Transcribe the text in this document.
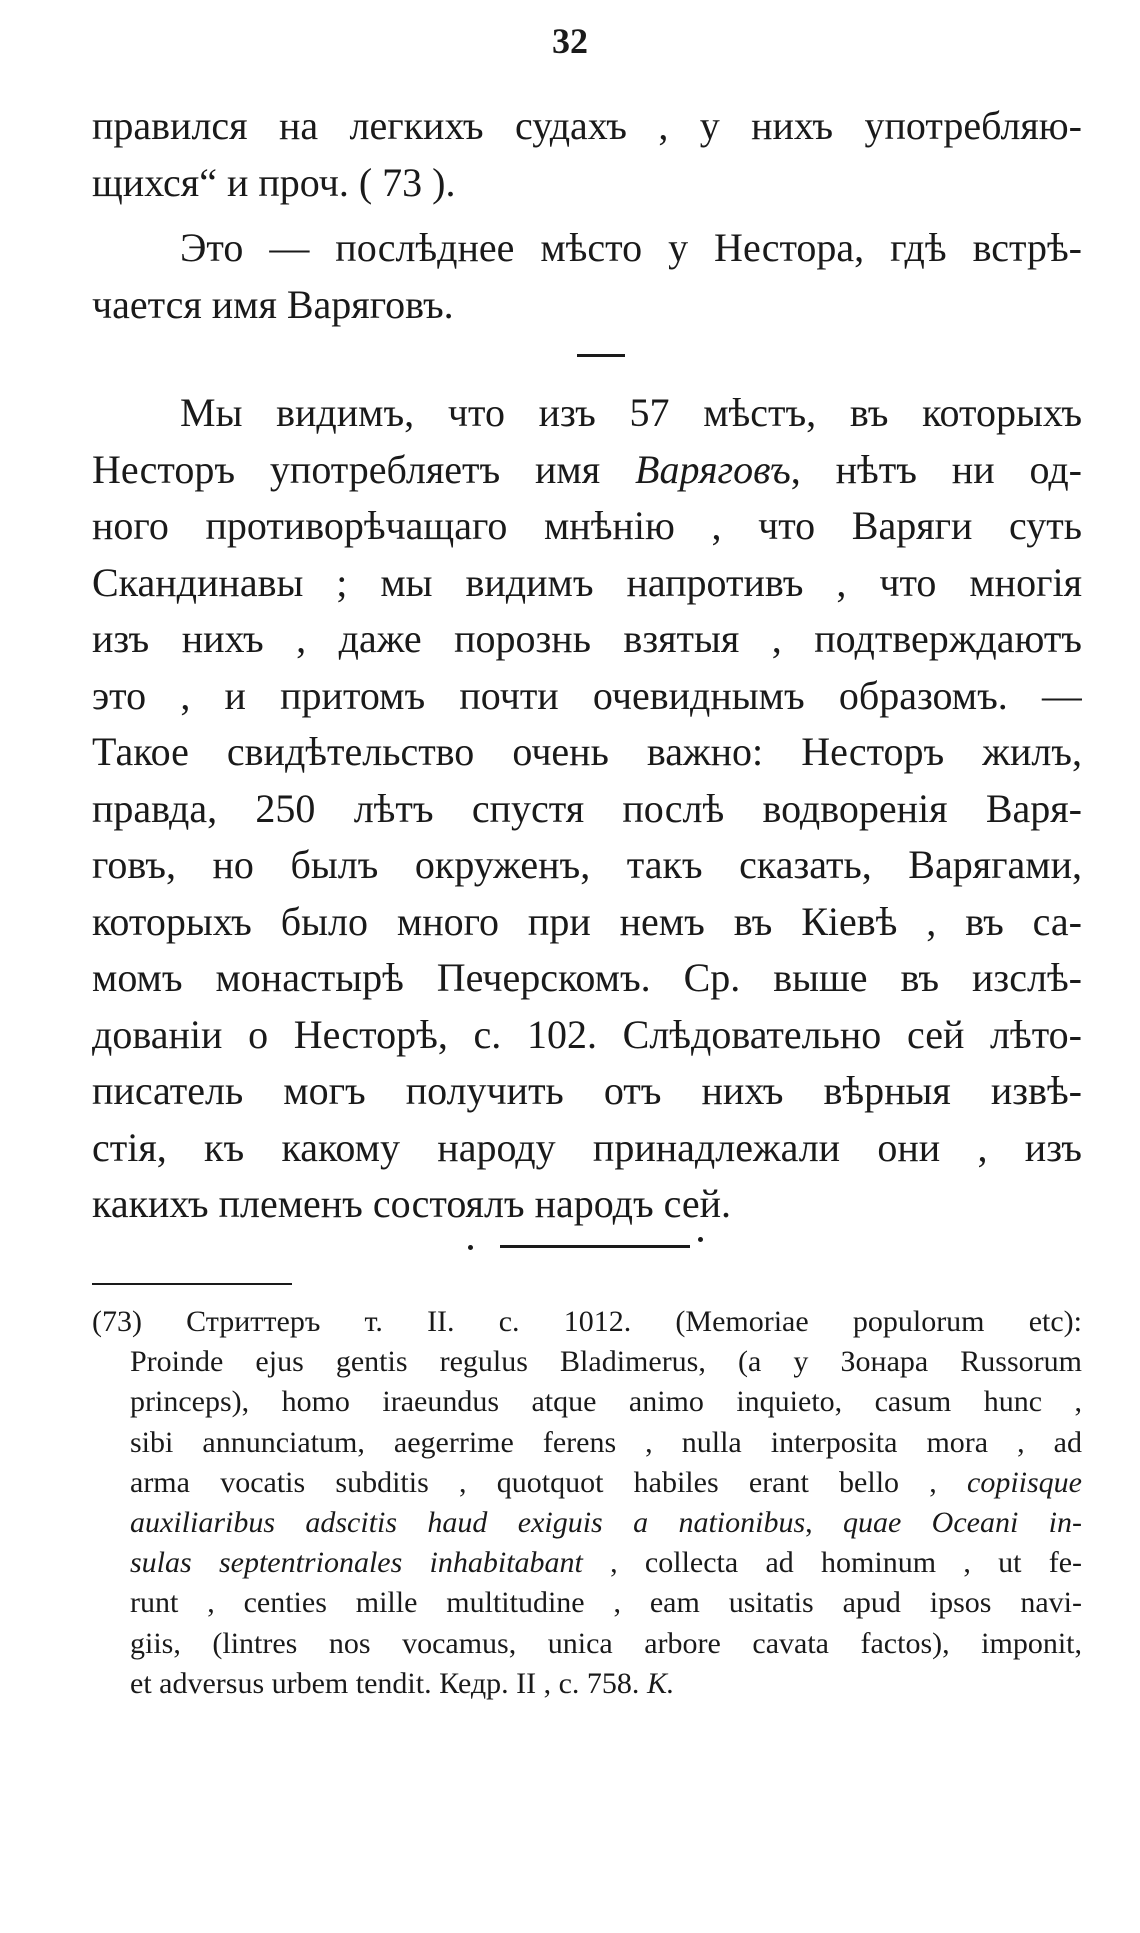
32
правился на легкихъ судахъ , у нихъ употребляю-
щихся“ и проч. ( 73 ).
Это — послѣднее мѣсто у Нестора, гдѣ встрѣ-
чается имя Варяговъ.
Мы видимъ, что изъ 57 мѣстъ, въ которыхъ
Несторъ употребляетъ имя Варяговъ, нѣтъ ни од-
ного противорѣчащаго мнѣнію , что Варяги суть
Скандинавы ; мы видимъ напротивъ , что многія
изъ нихъ , даже порознь взятыя , подтверждаютъ
это , и притомъ почти очевиднымъ образомъ. —
Такое свидѣтельство очень важно: Несторъ жилъ,
правда, 250 лѣтъ спустя послѣ водворенія Варя-
говъ, но былъ окруженъ, такъ сказать, Варягами,
которыхъ было много при немъ въ Кіевѣ , въ са-
момъ монастырѣ Печерскомъ. Ср. выше въ изслѣ-
дованіи о Несторѣ, с. 102. Слѣдовательно сей лѣто-
писатель могъ получить отъ нихъ вѣрныя извѣ-
стія, къ какому народу принадлежали они , изъ
какихъ племенъ состоялъ народъ сей.
(73) Стриттеръ т. II. с. 1012. (Memoriae populorum etc):
Proinde ejus gentis regulus Bladimerus, (a у Зонара Russorum
princeps), homo iraeundus atque animo inquieto, casum hunc ,
sibi annunciatum, aegerrime ferens , nulla interposita mora , ad
arma vocatis subditis , quotquot habiles erant bello , copiisque
auxiliaribus adscitis haud exiguis a nationibus, quae Oceani in-
sulas septentrionales inhabitabant , collecta ad hominum , ut fe-
runt , centies mille multitudine , eam usitatis apud ipsos navi-
giis, (lintres nos vocamus, unica arbore cavata factos), imponit,
et adversus urbem tendit. Кедр. II , с. 758. К.
